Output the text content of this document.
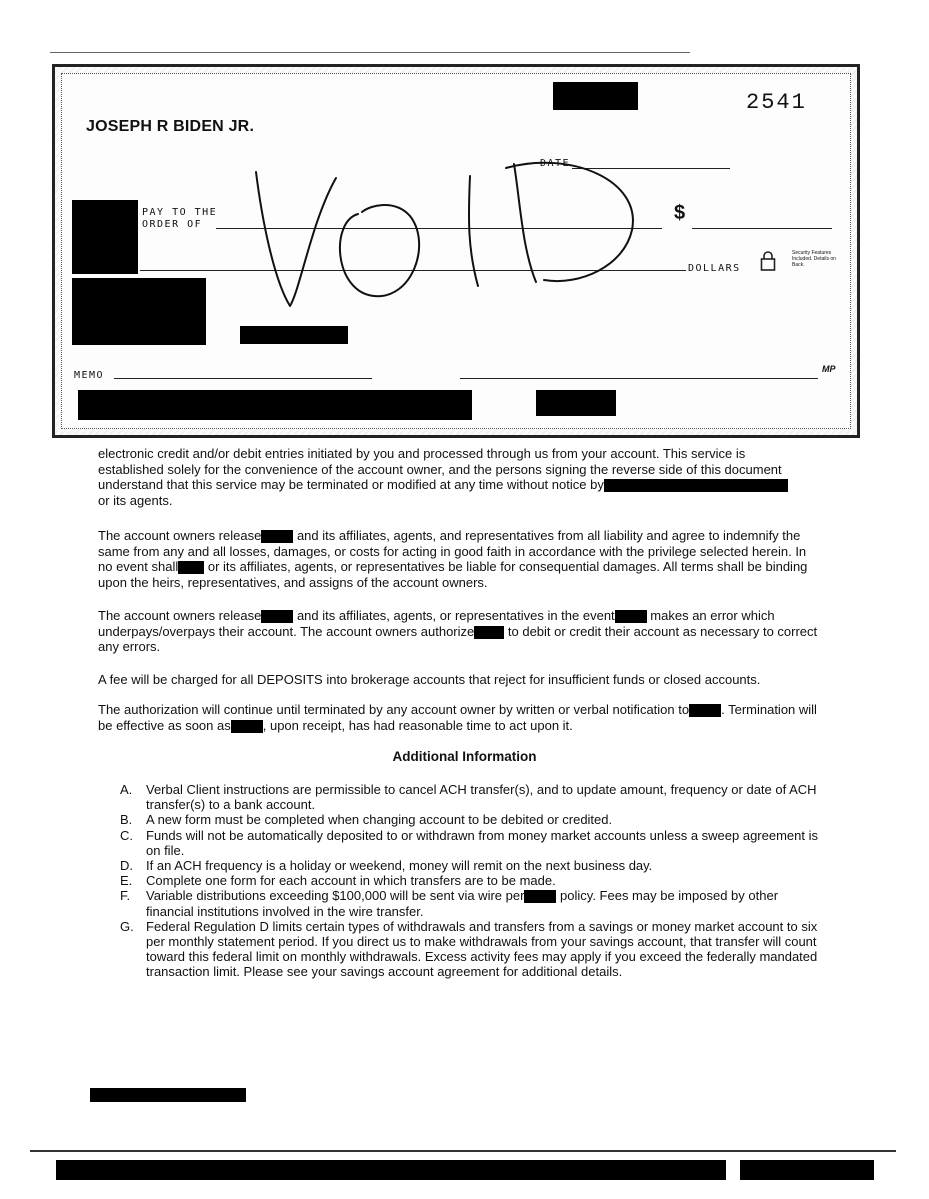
JOSEPH R BIDEN JR.
2541
DATE
PAY TO THE
ORDER OF
$
DOLLARS
Security Features Included. Details on Back.
MEMO
MP
electronic credit and/or debit entries initiated by you and processed through us from your account. This service is
established solely for the convenience of the account owner, and the persons signing the reverse side of this document
understand that this service may be terminated or modified at any time without notice by
or its agents.
The account owners release	and its affiliates, agents, and representatives from all liability and agree to indemnify the same from any and all losses, damages, or costs for acting in good faith in accordance with the privilege selected herein. In no event shall or its affiliates, agents, or representatives be liable for consequential damages. All terms shall be binding upon the heirs, representatives, and assigns of the account owners.
The account owners release	and its affiliates, agents, or representatives in the event	makes an error which underpays/overpays their account. The account owners authorize	to debit or credit their account as necessary to correct any errors.
A fee will be charged for all DEPOSITS into brokerage accounts that reject for insufficient funds or closed accounts.
The authorization will continue until terminated by any account owner by written or verbal notification to . Termination will be effective as soon as , upon receipt, has had reasonable time to act upon it.
Additional Information
A.	Verbal Client instructions are permissible to cancel ACH transfer(s), and to update amount, frequency or date of ACH transfer(s) to a bank account.
B.	A new form must be completed when changing account to be debited or credited.
C.	Funds will not be automatically deposited to or withdrawn from money market accounts unless a sweep agreement is on file.
D.	If an ACH frequency is a holiday or weekend, money will remit on the next business day.
E.	Complete one form for each account in which transfers are to be made.
F.	Variable distributions exceeding $100,000 will be sent via wire per	policy. Fees may be imposed by other financial institutions involved in the wire transfer.
G. Federal Regulation D limits certain types of withdrawals and transfers from a savings or money market account to six per monthly statement period. If you direct us to make withdrawals from your savings account, that transfer will count toward this federal limit on monthly withdrawals. Excess activity fees may apply if you exceed the federally mandated transaction limit. Please see your savings account agreement for additional details.
